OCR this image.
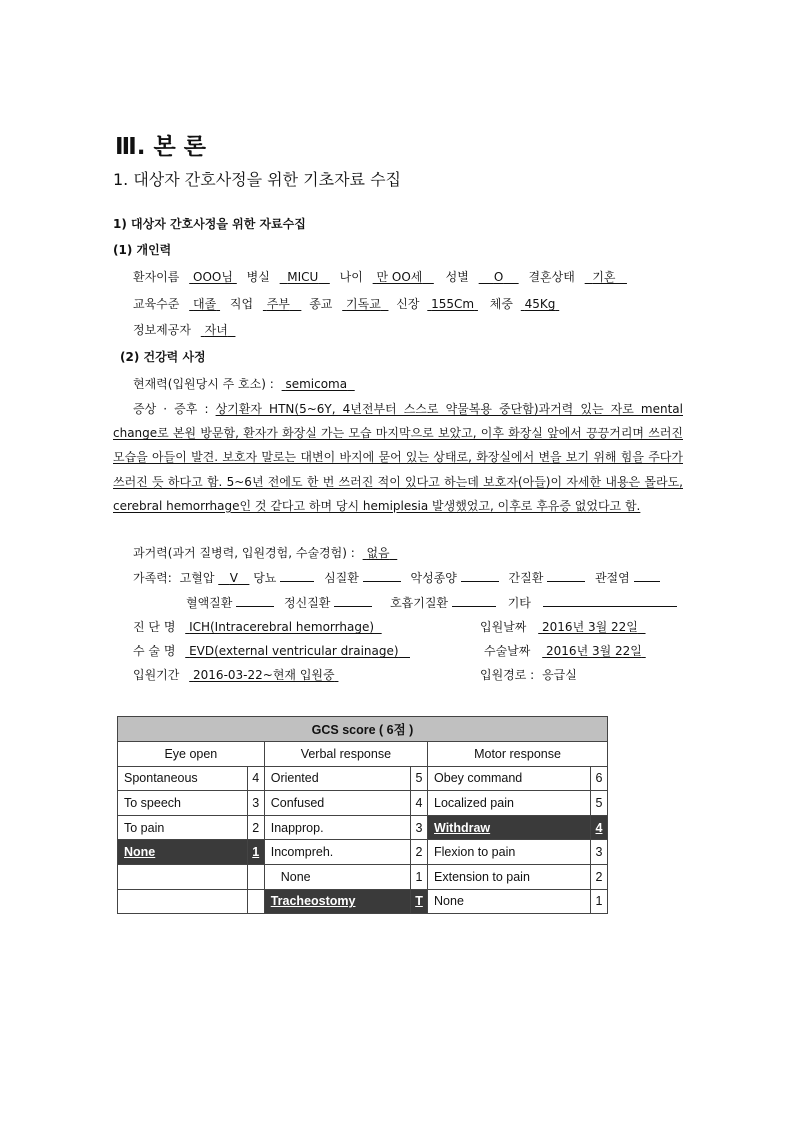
Ⅲ. 본 론
1. 대상자 간호사정을 위한 기초자료 수집
1) 대상자 간호사정을 위한 자료수집
(1) 개인력
환자이름 OOO님 병실 MICU 나이 만 OO세 성별 O 결혼상태 기혼
교육수준 대졸 직업 주부 종교 기독교 신장 155Cm 체중 45Kg
정보제공자 자녀
(2) 건강력 사정
현재력(입원당시 주 호소) : semicoma
증상 · 증후 : 상기환자 HTN(5~6Y, 4년전부터 스스로 약물복용 중단함)과거력 있는 자로 mental change로 본원 방문함, 환자가 화장실 가는 모습 마지막으로 보았고, 이후 화장실 앞에서 끙끙거리며 쓰러진 모습을 아들이 발견. 보호자 말로는 대변이 바지에 묻어 있는 상태로, 화장실에서 변을 보기 위해 힘을 주다가 쓰러진 듯 하다고 함. 5~6년 전에도 한 번 쓰러진 적이 있다고 하는데 보호자(아들)이 자세한 내용은 몰라도, cerebral hemorrhage인 것 같다고 하며 당시 hemiplesia 발생했었고, 이후로 후유증 없었다고 함.
과거력(과거 질병력, 입원경험, 수술경험) : 없음
가족력: 고혈압 V 당뇨	심질환	악성종양	간질환	관절염
혈액질환	정신질환	호흡기질환	기타
진 단 명 ICH(Intracerebral hemorrhage)	입원날짜 2016년 3월 22일
수 술 명 EVD(external ventricular drainage)	수술날짜 2016년 3월 22일
입원기간 2016-03-22~현재 입원중	입원경로 : 응급실
GCS score ( 6점 )					
Eye open		Verbal response		Motor response	
Spontaneous	4	Oriented	5	Obey command	6
To speech	3	Confused	4	Localized pain	5
To pain	2	Inapprop.	3	Withdraw	4
None	1	Incompreh.	2	Flexion to pain	3
		None	1	Extension to pain	2
		Tracheostomy	T	None	1
